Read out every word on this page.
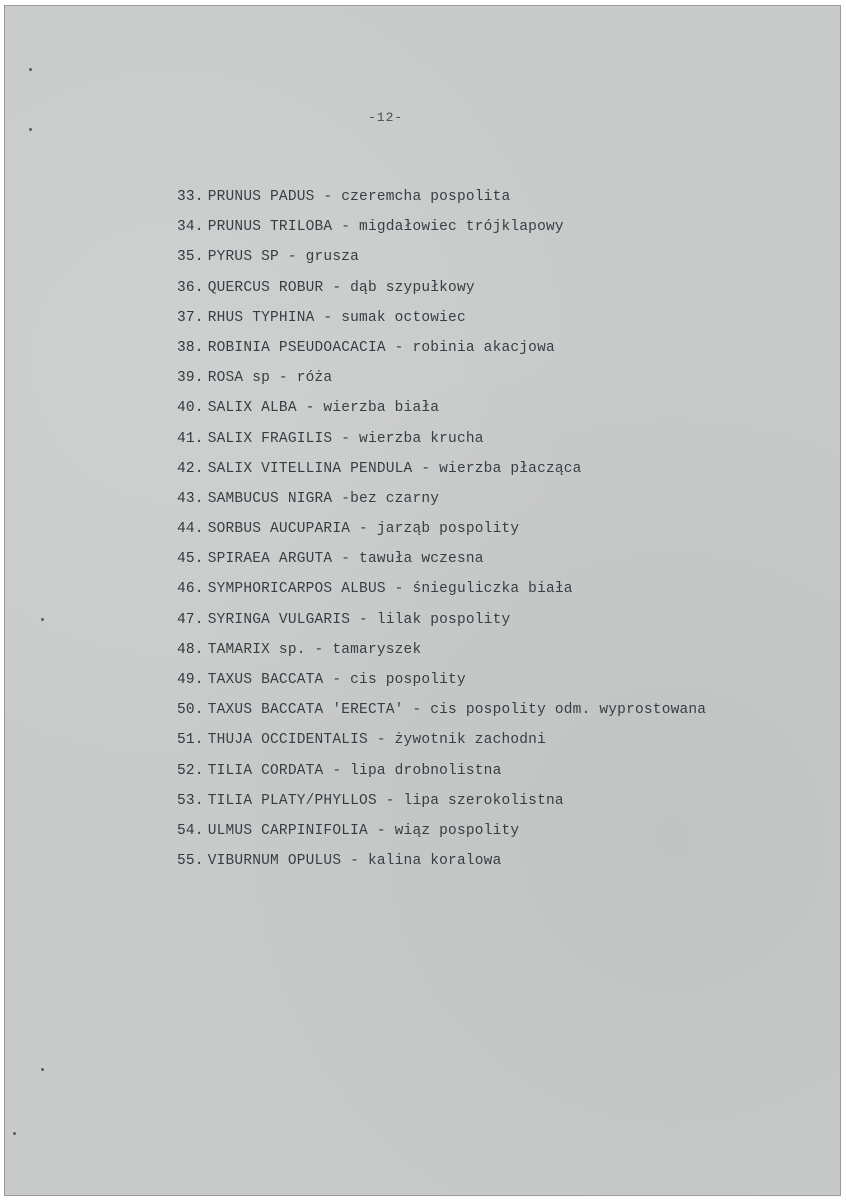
-12-
33. PRUNUS PADUS - czeremcha pospolita
34. PRUNUS TRILOBA - migdałowiec trójklapowy
35. PYRUS SP - grusza
36. QUERCUS ROBUR - dąb szypułkowy
37. RHUS TYPHINA - sumak octowiec
38. ROBINIA PSEUDOACACIA - robinia akacjowa
39. ROSA sp - róża
40. SALIX ALBA - wierzba biała
41. SALIX FRAGILIS - wierzba krucha
42. SALIX VITELLINA PENDULA - wierzba płacząca
43. SAMBUCUS NIGRA -bez czarny
44. SORBUS AUCUPARIA - jarząb pospolity
45. SPIRAEA ARGUTA - tawuła wczesna
46. SYMPHORICARPOS ALBUS - śnieguliczka biała
47. SYRINGA VULGARIS - lilak pospolity
48. TAMARIX sp. - tamaryszek
49. TAXUS BACCATA - cis pospolity
50. TAXUS BACCATA 'ERECTA' - cis pospolity odm. wyprostowana
51. THUJA OCCIDENTALIS - żywotnik zachodni
52. TILIA CORDATA - lipa drobnolistna
53. TILIA PLATY/PHYLLOS - lipa szerokolistna
54. ULMUS CARPINIFOLIA - wiąz pospolity
55. VIBURNUM OPULUS - kalina koralowa
